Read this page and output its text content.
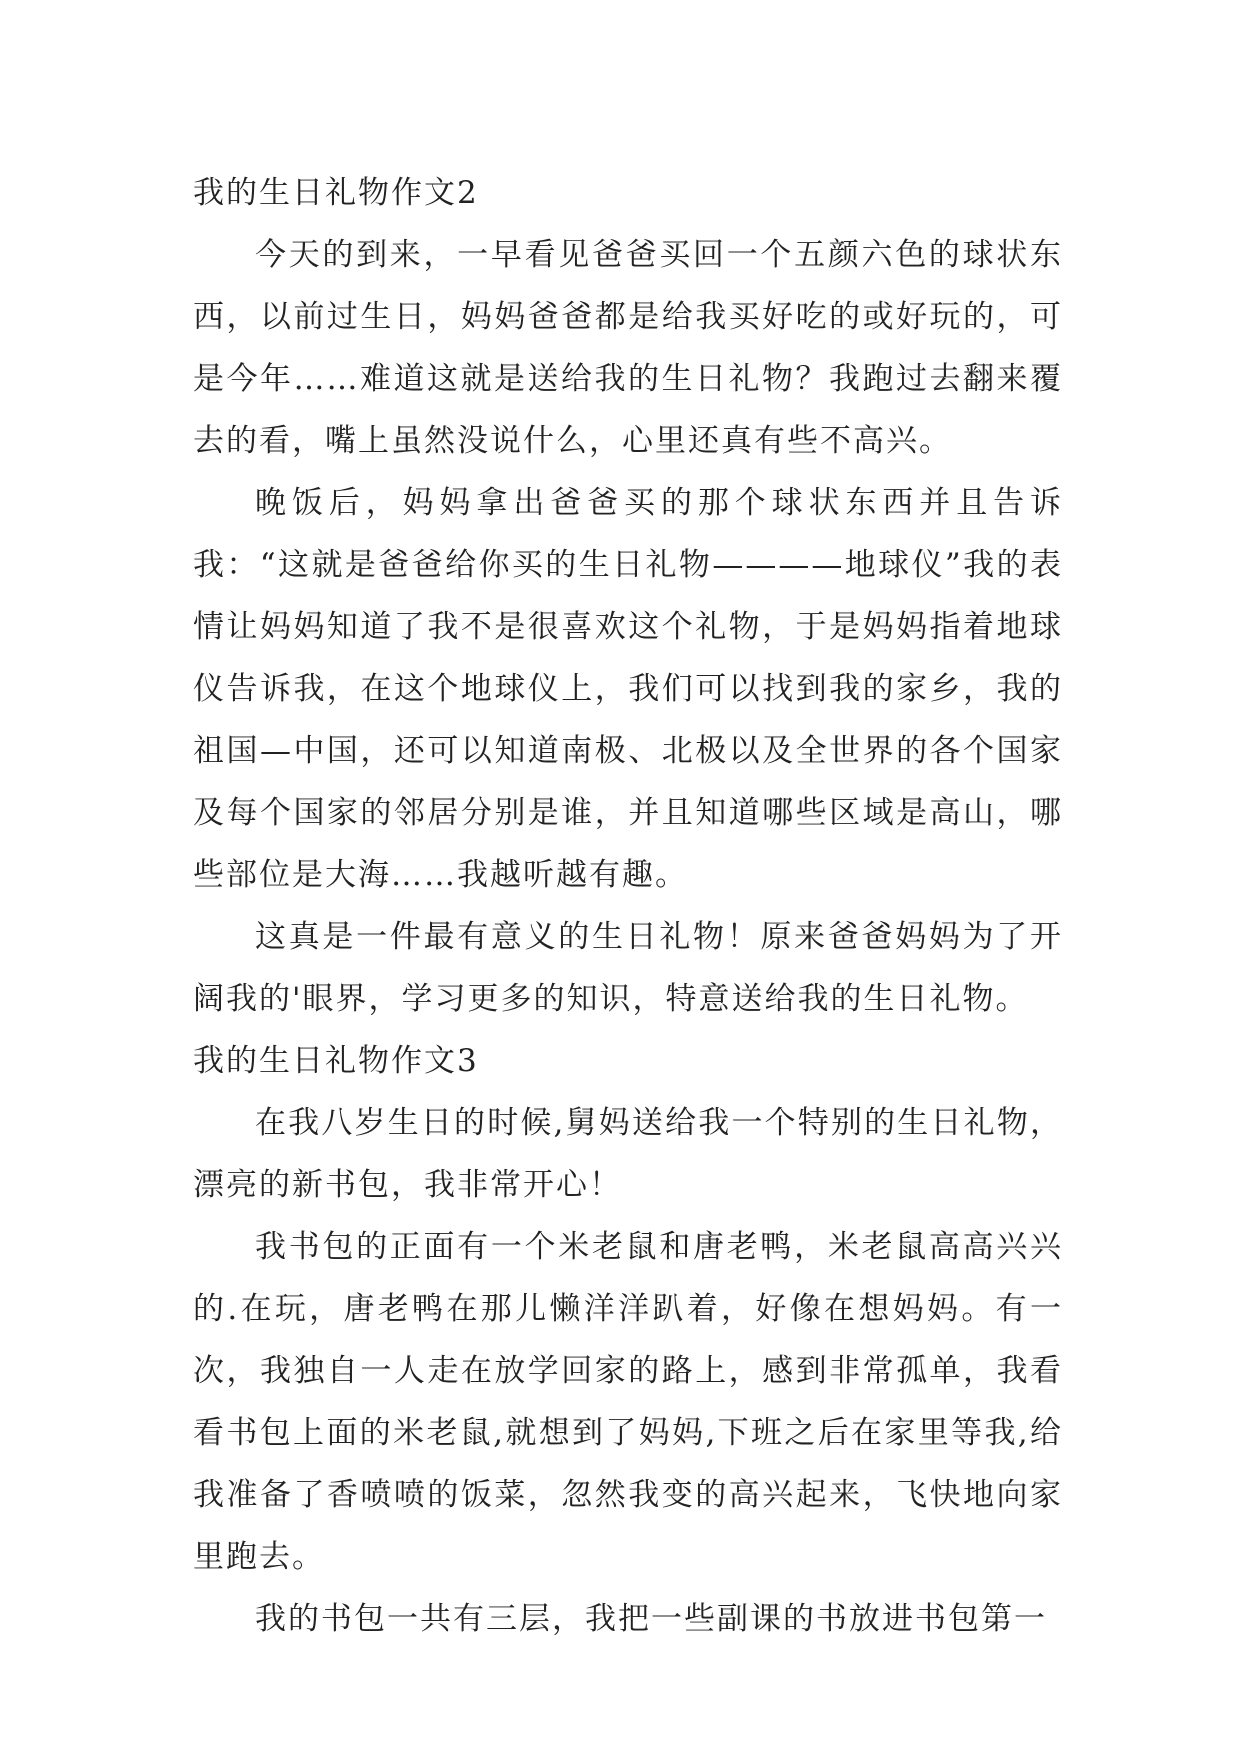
我的生日礼物作文2

今天的到来，一早看见爸爸买回一个五颜六色的球状东西，以前过生日，妈妈爸爸都是给我买好吃的或好玩的，可是今年……难道这就是送给我的生日礼物？我跑过去翻来覆去的看，嘴上虽然没说什么，心里还真有些不高兴。

晚饭后，妈妈拿出爸爸买的那个球状东西并且告诉我：“这就是爸爸给你买的生日礼物————地球仪”我的表情让妈妈知道了我不是很喜欢这个礼物，于是妈妈指着地球仪告诉我，在这个地球仪上，我们可以找到我的家乡，我的祖国—中国，还可以知道南极、北极以及全世界的各个国家及每个国家的邻居分别是谁，并且知道哪些区域是高山，哪些部位是大海……我越听越有趣。

这真是一件最有意义的生日礼物！原来爸爸妈妈为了开阔我的'眼界，学习更多的知识，特意送给我的生日礼物。

我的生日礼物作文3

在我八岁生日的时候,舅妈送给我一个特别的生日礼物，漂亮的新书包，我非常开心！

我书包的正面有一个米老鼠和唐老鸭，米老鼠高高兴兴的.在玩，唐老鸭在那儿懒洋洋趴着，好像在想妈妈。有一次，我独自一人走在放学回家的路上，感到非常孤单，我看看书包上面的米老鼠,就想到了妈妈,下班之后在家里等我,给我准备了香喷喷的饭菜，忽然我变的高兴起来，飞快地向家里跑去。

我的书包一共有三层，我把一些副课的书放进书包第一
